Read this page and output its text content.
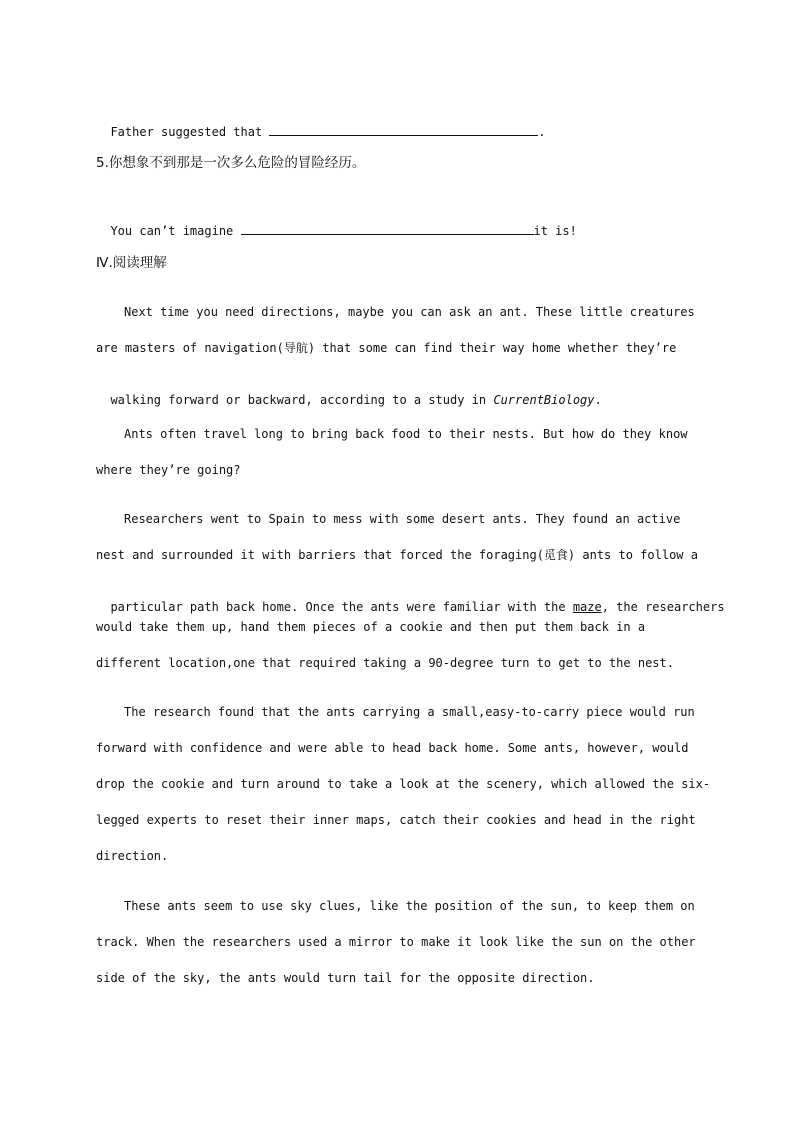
Father suggested that	.

5.你想象不到那是一次多么危险的冒险经历。

You can’t imagine	it is!

Ⅳ.阅读理解
Next time you need directions, maybe you can ask an ant. These little creatures
are masters of navigation(导航) that some can find their way home whether they’re

walking forward or backward, according to a study in CurrentBiology.

Ants often travel long to bring back food to their nests. But how do they know
where they’re going?
Researchers went to Spain to mess with some desert ants. They found an active
nest and surrounded it with barriers that forced the foraging(觅食) ants to follow a

particular path back home. Once the ants were familiar with the maze, the researchers

would take them up, hand them pieces of a cookie and then put them back in a
different location,one that required taking a 90-degree turn to get to the nest.
The research found that the ants carrying a small,easy-to-carry piece would run
forward with confidence and were able to head back home. Some ants, however, would
drop the cookie and turn around to take a look at the scenery, which allowed the six-
legged experts to reset their inner maps, catch their cookies and head in the right
direction.
These ants seem to use sky clues, like the position of the sun, to keep them on
track. When the researchers used a mirror to make it look like the sun on the other
side of the sky, the ants would turn tail for the opposite direction.
